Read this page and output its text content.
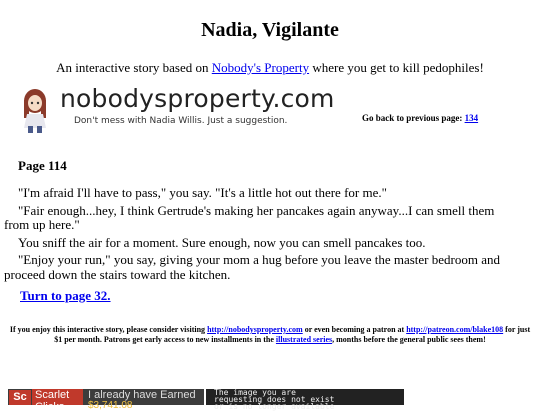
Nadia, Vigilante
An interactive story based on Nobody's Property where you get to kill pedophiles!
nobodysproperty.com
Don't mess with Nadia Willis. Just a suggestion.	Go back to previous page: 134
Page 114

"I'm afraid I'll have to pass," you say. "It's a little hot out there for me."

"Fair enough...hey, I think Gertrude's making her pancakes again anyway...I can smell them from up here."

You sniff the air for a moment. Sure enough, now you can smell pancakes too.

"Enjoy your run," you say, giving your mom a hug before you leave the master bedroom and proceed down the stairs toward the kitchen.

Turn to page 32.
If you enjoy this interactive story, please consider visiting http://nobodysproperty.com or even becoming a patron at http://patreon.com/blake108 for just $1 per month. Patrons get early access to new installments in the illustrated series, months before the general public sees them!
Sc Scarlet
Clicks
I already have Earned
$3,741.08
The image you are
requesting does not exist
or is no longer available
